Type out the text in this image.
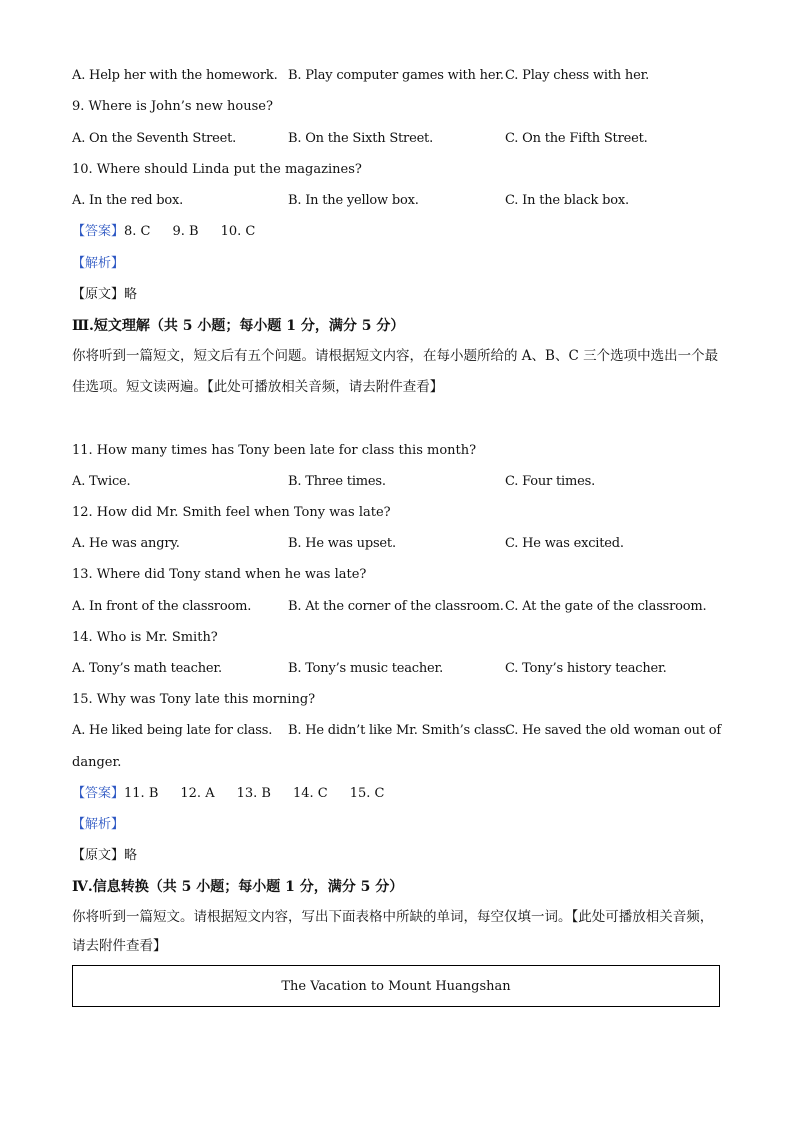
A. Help her with the homework. B. Play computer games with her. C. Play chess with her.
9. Where is John’s new house?
A. On the Seventh Street.	B. On the Sixth Street.	C. On the Fifth Street.
10. Where should Linda put the magazines?
A. In the red box.	B. In the yellow box.	C. In the black box.
【答案】8. C 9. B 10. C
【解析】
【原文】略
Ⅲ.短文理解（共 5 小题；每小题 1 分，满分 5 分）
你将听到一篇短文，短文后有五个问题。请根据短文内容，在每小题所给的 A、B、C 三个选项中选出一个最佳选项。短文读两遍。【此处可播放相关音频，请去附件查看】
11. How many times has Tony been late for class this month?
A. Twice.	B. Three times.	C. Four times.
12. How did Mr. Smith feel when Tony was late?
A. He was angry.	B. He was upset.	C. He was excited.
13. Where did Tony stand when he was late?
A. In front of the classroom.	B. At the corner of the classroom. C. At the gate of the classroom.
14. Who is Mr. Smith?
A. Tony’s math teacher.	B. Tony’s music teacher.	C. Tony’s history teacher.
15. Why was Tony late this morning?
A. He liked being late for class. B. He didn’t like Mr. Smith’s class.
C. He saved the old woman out of
danger.
【答案】11. B 12. A 13. B 14. C 15. C
【解析】
【原文】略
Ⅳ.信息转换（共 5 小题；每小题 1 分，满分 5 分）
你将听到一篇短文。请根据短文内容，写出下面表格中所缺的单词，每空仅填一词。【此处可播放相关音频，请去附件查看】
The Vacation to Mount Huangshan
